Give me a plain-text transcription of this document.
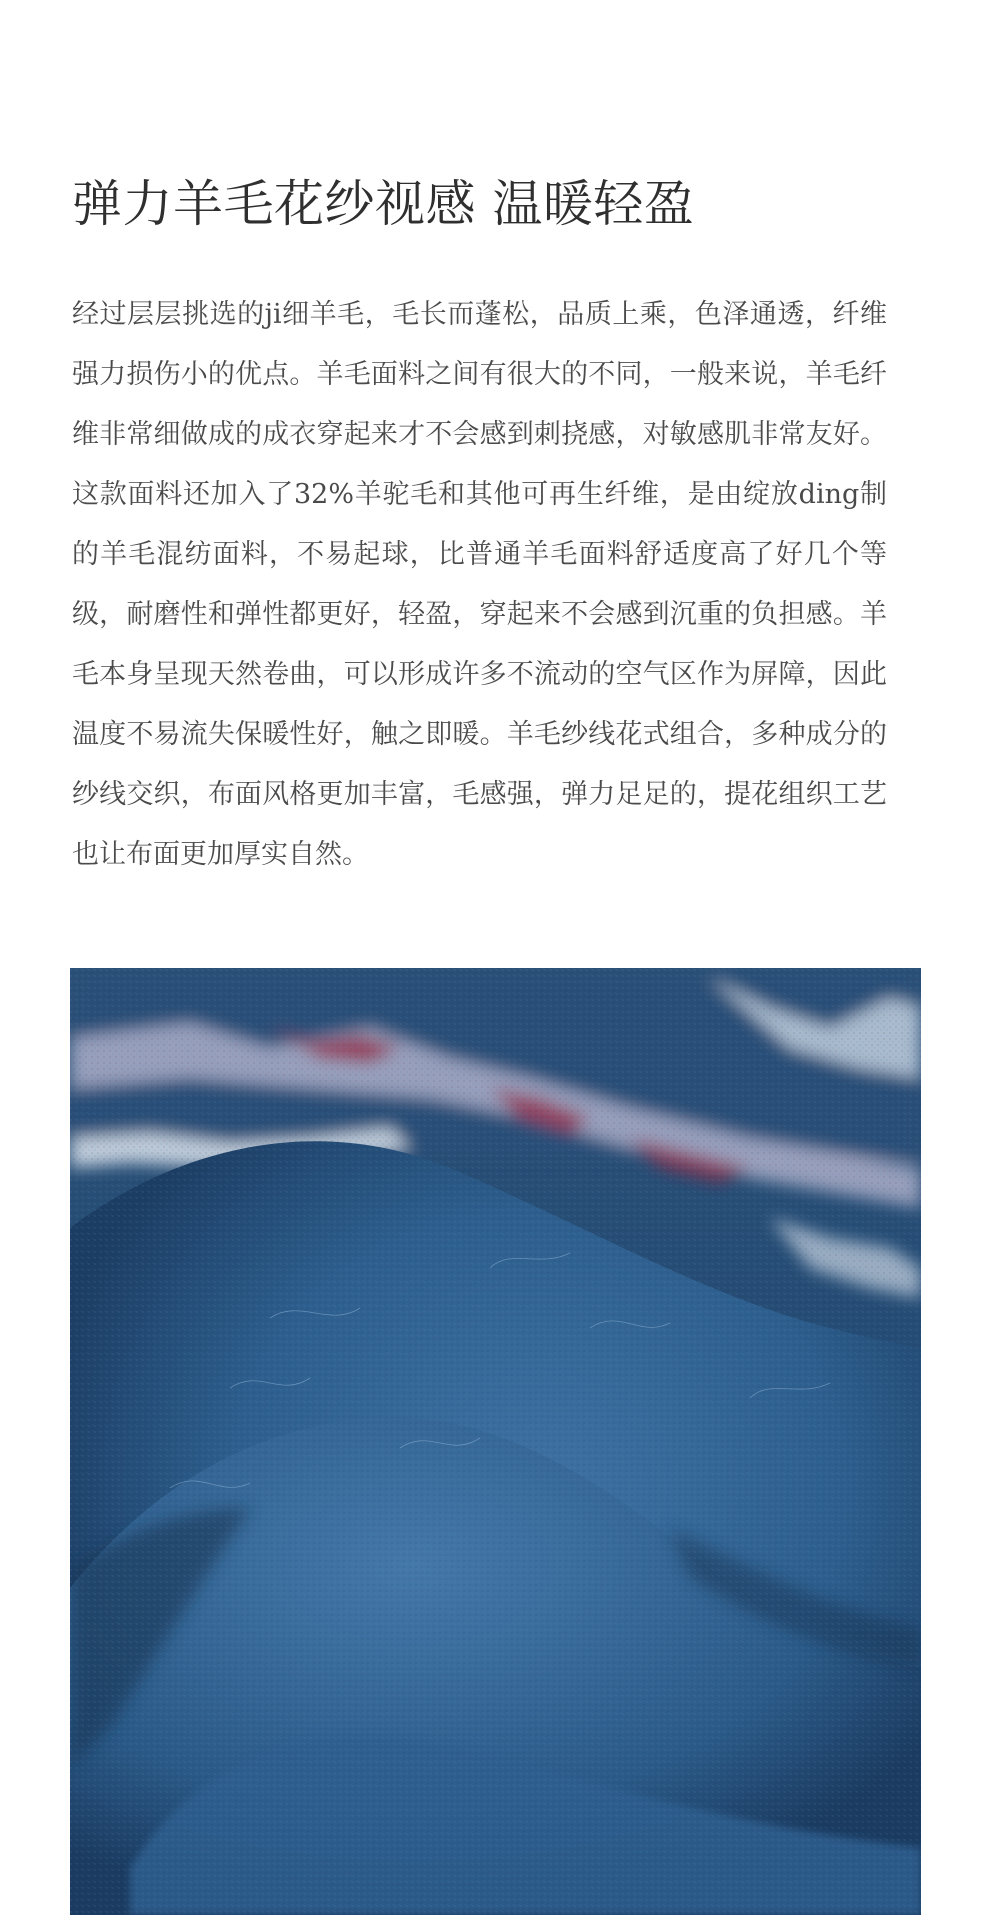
弹力羊毛花纱视感 温暖轻盈

经过层层挑选的ji细羊毛，毛长而蓬松，品质上乘，色泽通透，纤维强力损伤小的优点。羊毛面料之间有很大的不同，一般来说，羊毛纤维非常细做成的成衣穿起来才不会感到刺挠感，对敏感肌非常友好。这款面料还加入了32%羊驼毛和其他可再生纤维，是由绽放ding制的羊毛混纺面料，不易起球，比普通羊毛面料舒适度高了好几个等级，耐磨性和弹性都更好，轻盈，穿起来不会感到沉重的负担感。羊毛本身呈现天然卷曲，可以形成许多不流动的空气区作为屏障，因此温度不易流失保暖性好，触之即暖。羊毛纱线花式组合，多种成分的纱线交织，布面风格更加丰富，毛感强，弹力足足的，提花组织工艺也让布面更加厚实自然。
